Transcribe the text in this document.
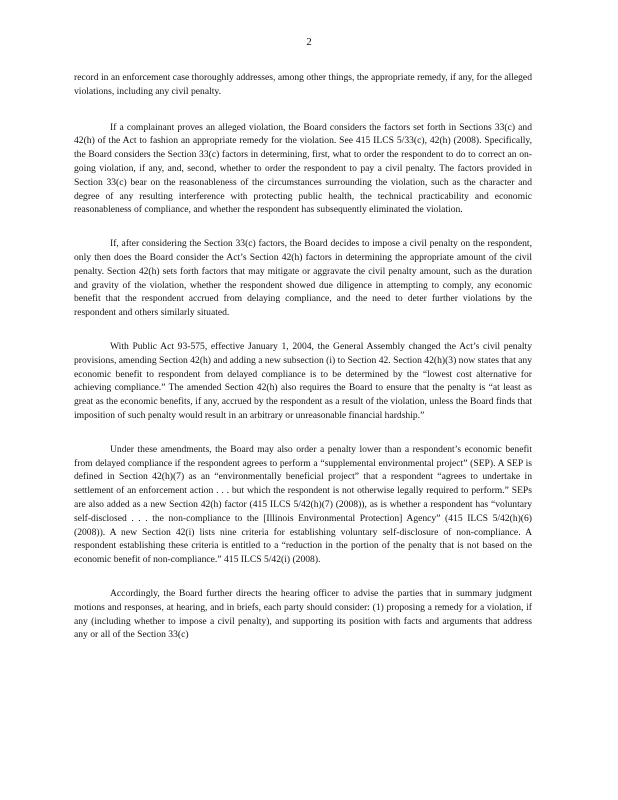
2

record in an enforcement case thoroughly addresses, among other things, the appropriate remedy, if any, for the alleged violations, including any civil penalty.

If a complainant proves an alleged violation, the Board considers the factors set forth in Sections 33(c) and 42(h) of the Act to fashion an appropriate remedy for the violation. See 415 ILCS 5/33(c), 42(h) (2008). Specifically, the Board considers the Section 33(c) factors in determining, first, what to order the respondent to do to correct an on-going violation, if any, and, second, whether to order the respondent to pay a civil penalty. The factors provided in Section 33(c) bear on the reasonableness of the circumstances surrounding the violation, such as the character and degree of any resulting interference with protecting public health, the technical practicability and economic reasonableness of compliance, and whether the respondent has subsequently eliminated the violation.

If, after considering the Section 33(c) factors, the Board decides to impose a civil penalty on the respondent, only then does the Board consider the Act’s Section 42(h) factors in determining the appropriate amount of the civil penalty. Section 42(h) sets forth factors that may mitigate or aggravate the civil penalty amount, such as the duration and gravity of the violation, whether the respondent showed due diligence in attempting to comply, any economic benefit that the respondent accrued from delaying compliance, and the need to deter further violations by the respondent and others similarly situated.

With Public Act 93-575, effective January 1, 2004, the General Assembly changed the Act’s civil penalty provisions, amending Section 42(h) and adding a new subsection (i) to Section 42. Section 42(h)(3) now states that any economic benefit to respondent from delayed compliance is to be determined by the “lowest cost alternative for achieving compliance.” The amended Section 42(h) also requires the Board to ensure that the penalty is “at least as great as the economic benefits, if any, accrued by the respondent as a result of the violation, unless the Board finds that imposition of such penalty would result in an arbitrary or unreasonable financial hardship.”

Under these amendments, the Board may also order a penalty lower than a respondent’s economic benefit from delayed compliance if the respondent agrees to perform a “supplemental environmental project” (SEP). A SEP is defined in Section 42(h)(7) as an “environmentally beneficial project” that a respondent “agrees to undertake in settlement of an enforcement action . . . but which the respondent is not otherwise legally required to perform.” SEPs are also added as a new Section 42(h) factor (415 ILCS 5/42(h)(7) (2008)), as is whether a respondent has “voluntary self-disclosed . . . the non-compliance to the [Illinois Environmental Protection] Agency” (415 ILCS 5/42(h)(6) (2008)). A new Section 42(i) lists nine criteria for establishing voluntary self-disclosure of non-compliance. A respondent establishing these criteria is entitled to a “reduction in the portion of the penalty that is not based on the economic benefit of non-compliance.” 415 ILCS 5/42(i) (2008).

Accordingly, the Board further directs the hearing officer to advise the parties that in summary judgment motions and responses, at hearing, and in briefs, each party should consider: (1) proposing a remedy for a violation, if any (including whether to impose a civil penalty), and supporting its position with facts and arguments that address any or all of the Section 33(c)
